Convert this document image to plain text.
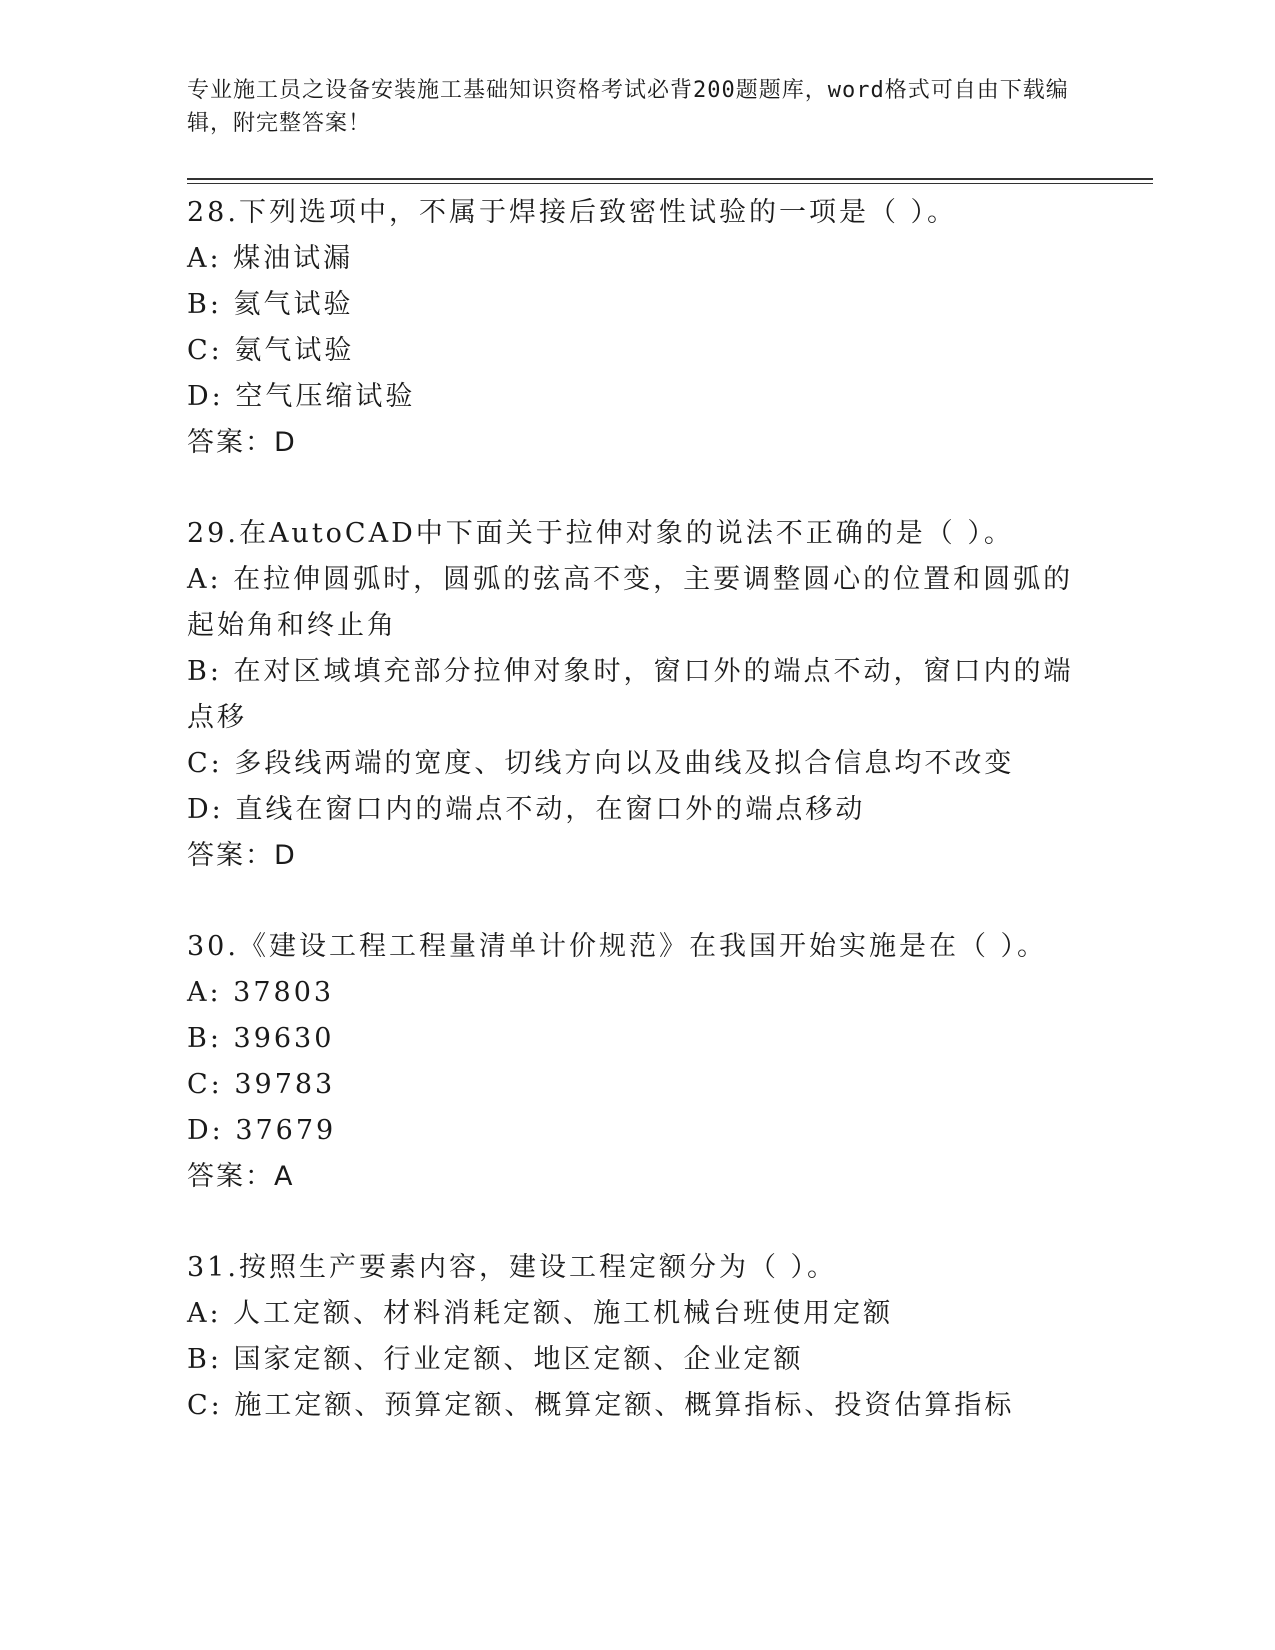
专业施工员之设备安装施工基础知识资格考试必背200题题库，word格式可自由下载编辑，附完整答案！
28.下列选项中，不属于焊接后致密性试验的一项是（ ）。
A: 煤油试漏
B: 氦气试验
C: 氨气试验
D: 空气压缩试验
答案：D
29.在AutoCAD中下面关于拉伸对象的说法不正确的是（ ）。
A: 在拉伸圆弧时，圆弧的弦高不变，主要调整圆心的位置和圆弧的起始角和终止角
B: 在对区域填充部分拉伸对象时，窗口外的端点不动，窗口内的端点移
C: 多段线两端的宽度、切线方向以及曲线及拟合信息均不改变
D: 直线在窗口内的端点不动，在窗口外的端点移动
答案：D
30.《建设工程工程量清单计价规范》在我国开始实施是在（ ）。
A: 37803
B: 39630
C: 39783
D: 37679
答案：A
31.按照生产要素内容，建设工程定额分为（ ）。
A: 人工定额、材料消耗定额、施工机械台班使用定额
B: 国家定额、行业定额、地区定额、企业定额
C: 施工定额、预算定额、概算定额、概算指标、投资估算指标
